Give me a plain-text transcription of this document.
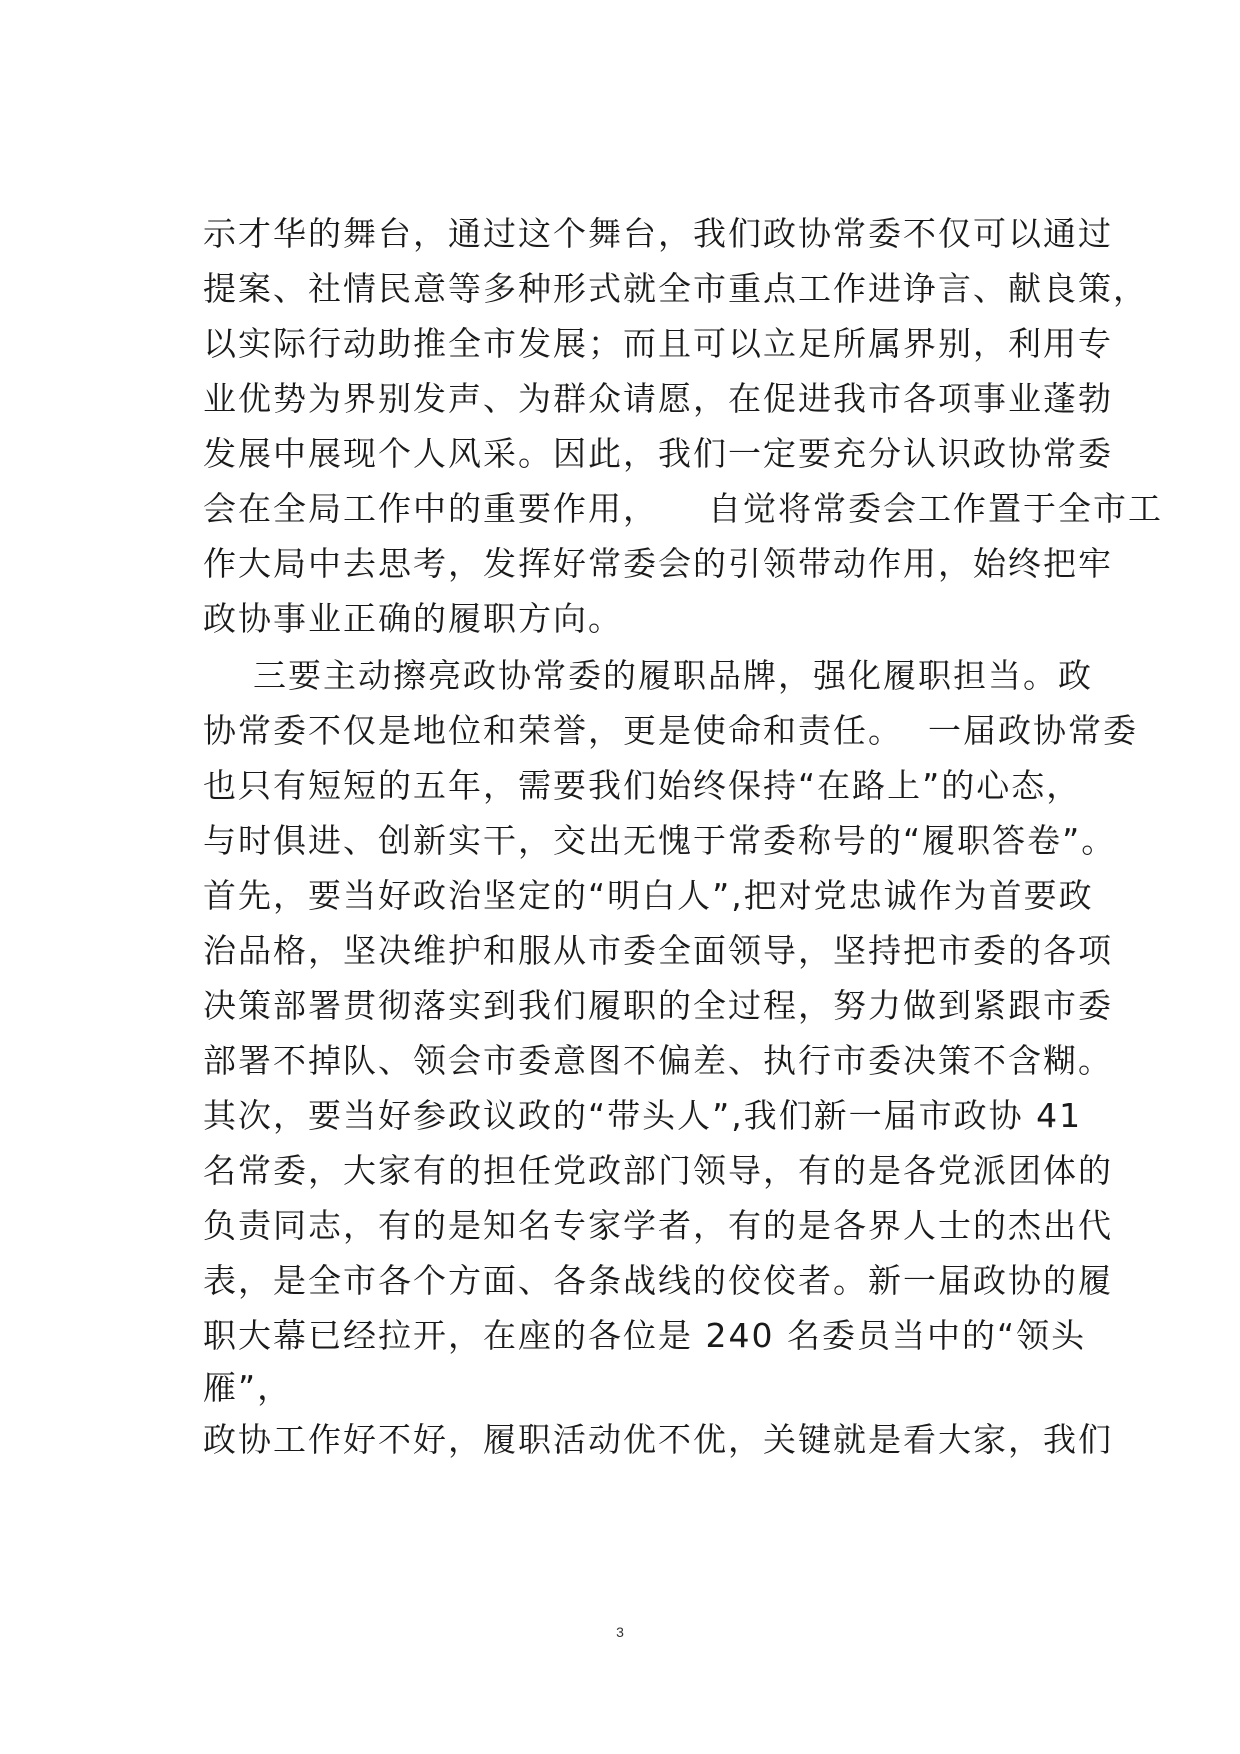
示才华的舞台，通过这个舞台，我们政协常委不仅可以通过
提案、社情民意等多种形式就全市重点工作进诤言、献良策，
以实际行动助推全市发展；而且可以立足所属界别，利用专
业优势为界别发声、为群众请愿，在促进我市各项事业蓬勃
发展中展现个人风采。因此，我们一定要充分认识政协常委
会在全局工作中的重要作用，    自觉将常委会工作置于全市工
作大局中去思考，发挥好常委会的引领带动作用，始终把牢
政协事业正确的履职方向。
三要主动擦亮政协常委的履职品牌，强化履职担当。政
协常委不仅是地位和荣誉，更是使命和责任。  一届政协常委
也只有短短的五年，需要我们始终保持“在路上”的心态，
与时俱进、创新实干，交出无愧于常委称号的“履职答卷”。
首先，要当好政治坚定的“明白人”,把对党忠诚作为首要政
治品格，坚决维护和服从市委全面领导，坚持把市委的各项
决策部署贯彻落实到我们履职的全过程，努力做到紧跟市委
部署不掉队、领会市委意图不偏差、执行市委决策不含糊。
其次，要当好参政议政的“带头人”,我们新一届市政协 41
名常委，大家有的担任党政部门领导，有的是各党派团体的
负责同志，有的是知名专家学者，有的是各界人士的杰出代
表，是全市各个方面、各条战线的佼佼者。新一届政协的履
职大幕已经拉开，在座的各位是 240 名委员当中的“领头
雁”，
政协工作好不好，履职活动优不优，关键就是看大家，我们
3
